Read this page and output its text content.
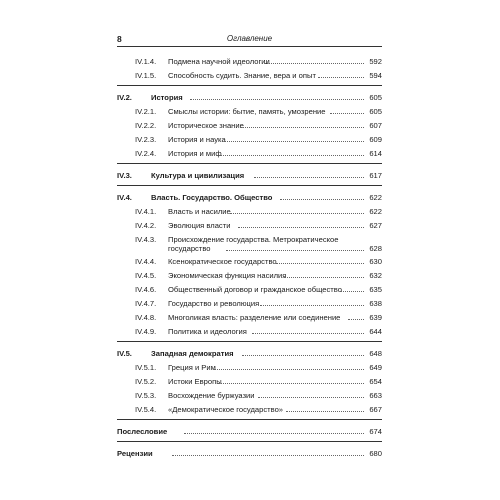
8	Оглавление
IV.1.4. Подмена научной идеологии	592
IV.1.5. Способность судить. Знание, вера и опыт	594
IV.2.	История	605
IV.2.1. Смыслы истории: бытие, память, умозрение	605
IV.2.2. Историческое знание	607
IV.2.3. История и наука	609
IV.2.4. История и миф	614
IV.3.	Культура и цивилизация	617
IV.4.	Власть. Государство. Общество	622
IV.4.1. Власть и насилие	622
IV.4.2. Эволюция власти	627
IV.4.3. Происхождение государства. Метрократическое
государство	628
IV.4.4. Ксенократическое государство	630
IV.4.5. Экономическая функция насилия	632
IV.4.6. Общественный договор и гражданское общество	635
IV.4.7. Государство и революция	638
IV.4.8. Многоликая власть: разделение или соединение	639
IV.4.9. Политика и идеология	644
IV.5.	Западная демократия	648
IV.5.1. Греция и Рим	649
IV.5.2. Истоки Европы	654
IV.5.3. Восхождение буржуазии	663
IV.5.4. «Демократическое государство»	667
Послесловие	674
Рецензии	680
